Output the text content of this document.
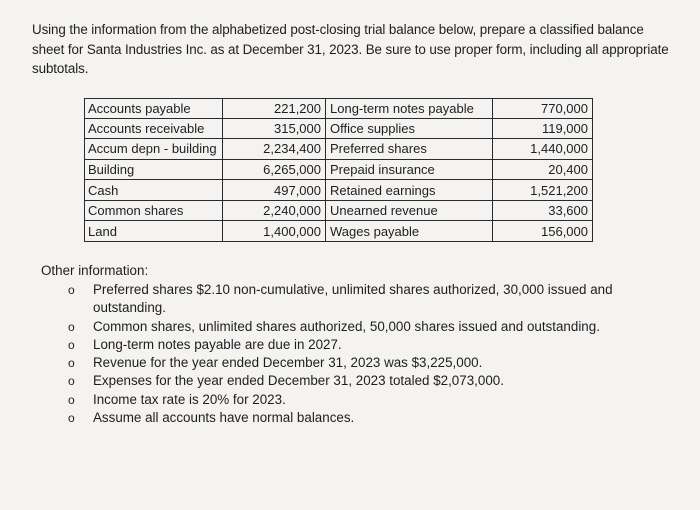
Using the information from the alphabetized post-closing trial balance below, prepare a classified balance sheet for Santa Industries Inc. as at December 31, 2023. Be sure to use proper form, including all appropriate subtotals.
Accounts payable	221,200 Long-term notes payable	770,000
Accounts receivable	315,000 Office supplies	119,000
Accum depn - building	2,234,400 Preferred shares	1,440,000
Building	6,265,000 Prepaid insurance	20,400
Cash	497,000 Retained earnings	1,521,200
Common shares	2,240,000 Unearned revenue	33,600
Land	1,400,000 Wages payable	156,000
Other information:
o Preferred shares $2.10 non-cumulative, unlimited shares authorized, 30,000 issued and outstanding.
o Common shares, unlimited shares authorized, 50,000 shares issued and outstanding.
o Long-term notes payable are due in 2027.
o Revenue for the year ended December 31, 2023 was $3,225,000.
o Expenses for the year ended December 31, 2023 totaled $2,073,000.
o Income tax rate is 20% for 2023.
o Assume all accounts have normal balances.
